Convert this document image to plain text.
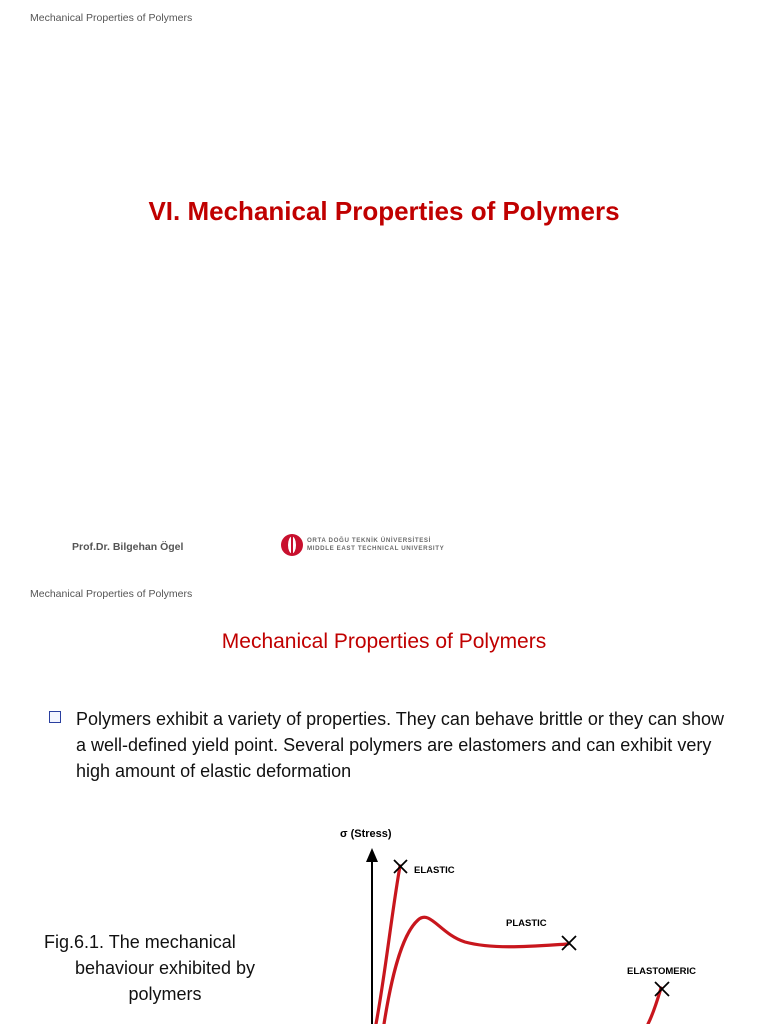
Mechanical Properties of Polymers
VI. Mechanical Properties of Polymers
Prof.Dr. Bilgehan Ögel
ORTA DOĞU TEKNİK ÜNİVERSİTESİ
MIDDLE EAST TECHNICAL UNIVERSITY
Mechanical Properties of Polymers
Mechanical Properties of Polymers
Polymers exhibit a variety of properties. They can behave brittle or they can show a well-defined yield point. Several polymers are elastomers and can exhibit very high amount of elastic deformation
Fig.6.1. The mechanical
behaviour exhibited by
polymers
σ (Stress)
ELASTIC
PLASTIC
ELASTOMERIC
